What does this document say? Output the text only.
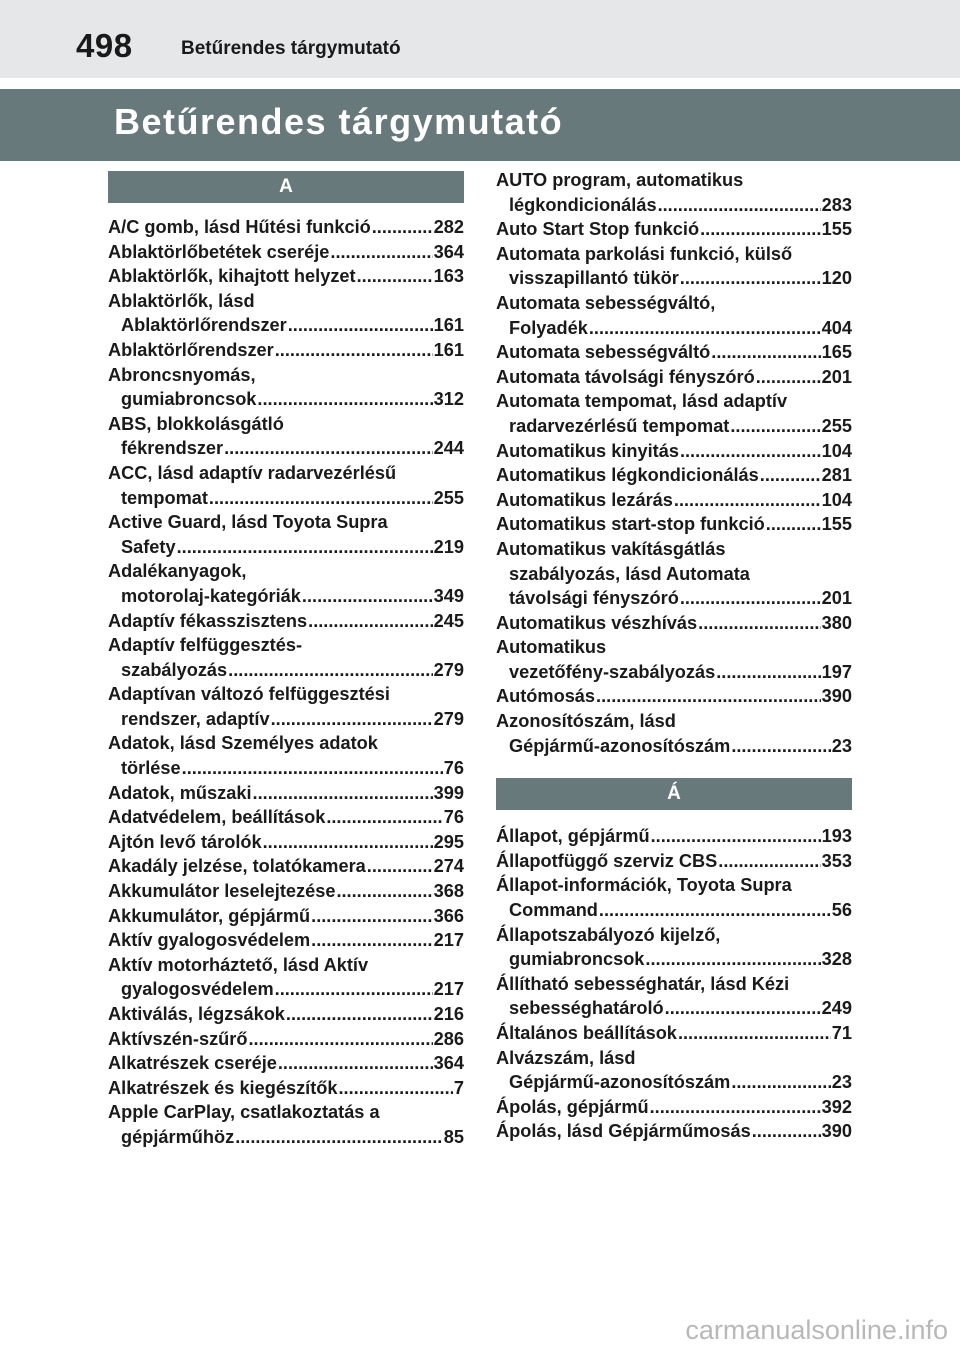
498	Betűrendes tárgymutató
Betűrendes tárgymutató
A
A/C gomb, lásd Hűtési funkció .....	282
Ablaktörlőbetétek cseréje .....	364
Ablaktörlők, kihajtott helyzet .....	163
Ablaktörlők, lásd
Ablaktörlőrendszer .....	161
Ablaktörlőrendszer .....	161
Abroncsnyomás,
gumiabroncsok .....	312
ABS, blokkolásgátló
fékrendszer .....	244
ACC, lásd adaptív radarvezérlésű
tempomat .....	255
Active Guard, lásd Toyota Supra
Safety .....	219
Adalékanyagok,
motorolaj-kategóriák .....	349
Adaptív fékasszisztens .....	245
Adaptív felfüggesztés-
szabályozás .....	279
Adaptívan változó felfüggesztési
rendszer, adaptív .....	279
Adatok, lásd Személyes adatok
törlése .....	76
Adatok, műszaki .....	399
Adatvédelem, beállítások .....	76
Ajtón levő tárolók .....	295
Akadály jelzése, tolatókamera .....	274
Akkumulátor leselejtezése .....	368
Akkumulátor, gépjármű .....	366
Aktív gyalogosvédelem .....	217
Aktív motorháztető, lásd Aktív
gyalogosvédelem .....	217
Aktiválás, légzsákok .....	216
Aktívszén-szűrő .....	286
Alkatrészek cseréje .....	364
Alkatrészek és kiegészítők .....	7
Apple CarPlay, csatlakoztatás a
gépjárműhöz .....	85
AUTO program, automatikus
légkondicionálás .....	283
Auto Start Stop funkció .....	155
Automata parkolási funkció, külső
visszapillantó tükör .....	120
Automata sebességváltó,
Folyadék .....	404
Automata sebességváltó .....	165
Automata távolsági fényszóró .....	201
Automata tempomat, lásd adaptív
radarvezérlésű tempomat .....	255
Automatikus kinyitás .....	104
Automatikus légkondicionálás .....	281
Automatikus lezárás .....	104
Automatikus start-stop funkció .....	155
Automatikus vakításgátlás
szabályozás, lásd Automata
távolsági fényszóró .....	201
Automatikus vészhívás .....	380
Automatikus
vezetőfény-szabályozás .....	197
Autómosás .....	390
Azonosítószám, lásd
Gépjármű-azonosítószám .....	23
Á
Állapot, gépjármű .....	193
Állapotfüggő szerviz CBS .....	353
Állapot-információk, Toyota Supra
Command .....	56
Állapotszabályozó kijelző,
gumiabroncsok .....	328
Állítható sebességhatár, lásd Kézi
sebességhatároló .....	249
Általános beállítások .....	71
Alvázszám, lásd
Gépjármű-azonosítószám .....	23
Ápolás, gépjármű .....	392
Ápolás, lásd Gépjárműmosás .....	390
carmanualsonline.info
